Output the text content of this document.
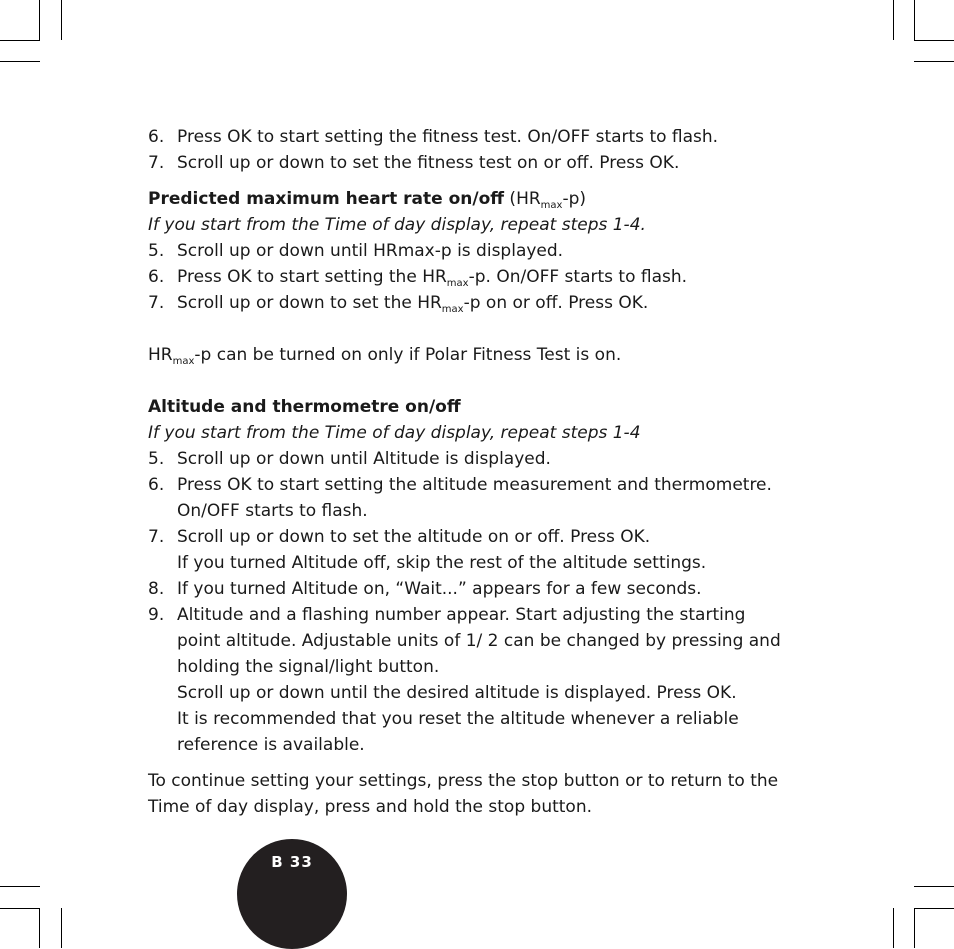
6. Press OK to start setting the fitness test. On/OFF starts to flash.
7. Scroll up or down to set the fitness test on or off. Press OK.
Predicted maximum heart rate on/off $(HR_{max}-p)$
If you start from the Time of day display, repeat steps 1-4.
5. Scroll up or down until HRmax-p is displayed.
6. Press OK to start setting the $HR_{max}-p$. On/OFF starts to flash.
7. Scroll up or down to set the $HR_{max}-p$ on or off. Press OK.
$HR_{max}-p$ can be turned on only if Polar Fitness Test is on.
Altitude and thermometre on/off
If you start from the Time of day display, repeat steps 1-4
5. Scroll up or down until Altitude is displayed.
6. Press OK to start setting the altitude measurement and thermometre.
On/OFF starts to flash.
7. Scroll up or down to set the altitude on or off. Press OK.
If you turned Altitude off, skip the rest of the altitude settings.
8. If you turned Altitude on, “Wait...” appears for a few seconds.
9. Altitude and a flashing number appear. Start adjusting the starting
point altitude. Adjustable units of 1/ 2 can be changed by pressing and
holding the signal/light button.
Scroll up or down until the desired altitude is displayed. Press OK.
It is recommended that you reset the altitude whenever a reliable
reference is available.
To continue setting your settings, press the stop button or to return to the
Time of day display, press and hold the stop button.
B 33
